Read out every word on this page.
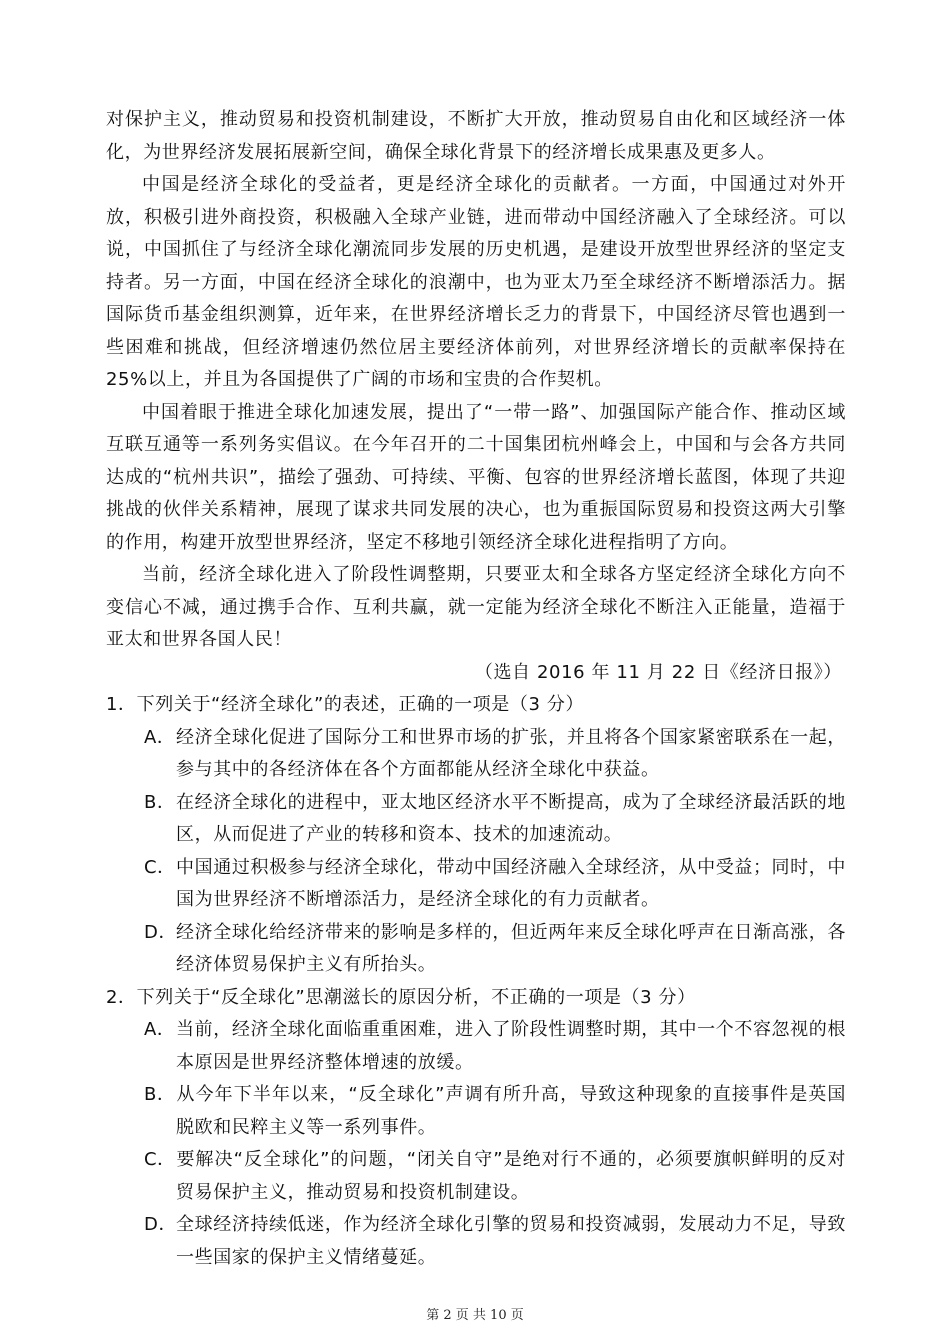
对保护主义，推动贸易和投资机制建设，不断扩大开放，推动贸易自由化和区域经济一体化，为世界经济发展拓展新空间，确保全球化背景下的经济增长成果惠及更多人。

中国是经济全球化的受益者，更是经济全球化的贡献者。一方面，中国通过对外开放，积极引进外商投资，积极融入全球产业链，进而带动中国经济融入了全球经济。可以说，中国抓住了与经济全球化潮流同步发展的历史机遇，是建设开放型世界经济的坚定支持者。另一方面，中国在经济全球化的浪潮中，也为亚太乃至全球经济不断增添活力。据国际货币基金组织测算，近年来，在世界经济增长乏力的背景下，中国经济尽管也遇到一些困难和挑战，但经济增速仍然位居主要经济体前列，对世界经济增长的贡献率保持在25%以上，并且为各国提供了广阔的市场和宝贵的合作契机。

中国着眼于推进全球化加速发展，提出了“一带一路”、加强国际产能合作、推动区域互联互通等一系列务实倡议。在今年召开的二十国集团杭州峰会上，中国和与会各方共同达成的“杭州共识”，描绘了强劲、可持续、平衡、包容的世界经济增长蓝图，体现了共迎挑战的伙伴关系精神，展现了谋求共同发展的决心，也为重振国际贸易和投资这两大引擎的作用，构建开放型世界经济，坚定不移地引领经济全球化进程指明了方向。

当前，经济全球化进入了阶段性调整期，只要亚太和全球各方坚定经济全球化方向不变信心不减，通过携手合作、互利共赢，就一定能为经济全球化不断注入正能量，造福于亚太和世界各国人民！

（选自 2016 年 11 月 22 日《经济日报》）

1．下列关于“经济全球化”的表述，正确的一项是（3 分）

A．经济全球化促进了国际分工和世界市场的扩张，并且将各个国家紧密联系在一起，参与其中的各经济体在各个方面都能从经济全球化中获益。

B．在经济全球化的进程中，亚太地区经济水平不断提高，成为了全球经济最活跃的地区，从而促进了产业的转移和资本、技术的加速流动。

C．中国通过积极参与经济全球化，带动中国经济融入全球经济，从中受益；同时，中国为世界经济不断增添活力，是经济全球化的有力贡献者。

D．经济全球化给经济带来的影响是多样的，但近两年来反全球化呼声在日渐高涨，各经济体贸易保护主义有所抬头。

2．下列关于“反全球化”思潮滋长的原因分析，不正确的一项是（3 分）

A．当前，经济全球化面临重重困难，进入了阶段性调整时期，其中一个不容忽视的根本原因是世界经济整体增速的放缓。

B．从今年下半年以来，“反全球化”声调有所升高，导致这种现象的直接事件是英国脱欧和民粹主义等一系列事件。

C．要解决“反全球化”的问题，“闭关自守”是绝对行不通的，必须要旗帜鲜明的反对贸易保护主义，推动贸易和投资机制建设。

D．全球经济持续低迷，作为经济全球化引擎的贸易和投资减弱，发展动力不足，导致一些国家的保护主义情绪蔓延。

第 2 页 共 10 页
